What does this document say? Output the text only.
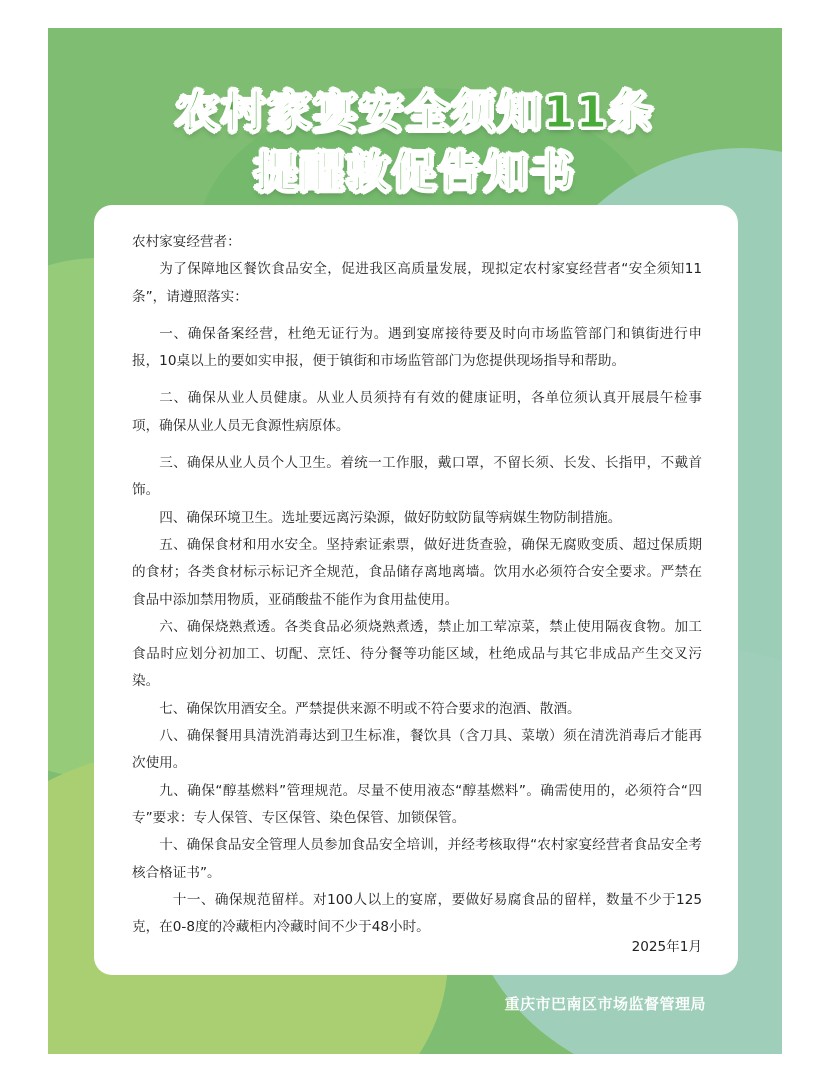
农村家宴安全须知11条
提醒敦促告知书

农村家宴经营者：

为了保障地区餐饮食品安全，促进我区高质量发展，现拟定农村家宴经营者“安全须知11条”，请遵照落实：

一、确保备案经营，杜绝无证行为。遇到宴席接待要及时向市场监管部门和镇街进行申报，10桌以上的要如实申报，便于镇街和市场监管部门为您提供现场指导和帮助。

二、确保从业人员健康。从业人员须持有有效的健康证明，各单位须认真开展晨午检事项，确保从业人员无食源性病原体。

三、确保从业人员个人卫生。着统一工作服，戴口罩，不留长须、长发、长指甲，不戴首饰。

四、确保环境卫生。选址要远离污染源，做好防蚊防鼠等病媒生物防制措施。

五、确保食材和用水安全。坚持索证索票，做好进货查验，确保无腐败变质、超过保质期的食材；各类食材标示标记齐全规范，食品储存离地离墙。饮用水必须符合安全要求。严禁在食品中添加禁用物质，亚硝酸盐不能作为食用盐使用。

六、确保烧熟煮透。各类食品必须烧熟煮透，禁止加工荤凉菜，禁止使用隔夜食物。加工食品时应划分初加工、切配、烹饪、待分餐等功能区域，杜绝成品与其它非成品产生交叉污染。

七、确保饮用酒安全。严禁提供来源不明或不符合要求的泡酒、散酒。

八、确保餐用具清洗消毒达到卫生标准，餐饮具（含刀具、菜墩）须在清洗消毒后才能再次使用。

九、确保“醇基燃料”管理规范。尽量不使用液态“醇基燃料”。确需使用的，必须符合“四专”要求：专人保管、专区保管、染色保管、加锁保管。

十、确保食品安全管理人员参加食品安全培训，并经考核取得“农村家宴经营者食品安全考核合格证书”。

十一、确保规范留样。对100人以上的宴席，要做好易腐食品的留样，数量不少于125克，在0-8度的冷藏柜内冷藏时间不少于48小时。

2025年1月
重庆市巴南区市场监督管理局
